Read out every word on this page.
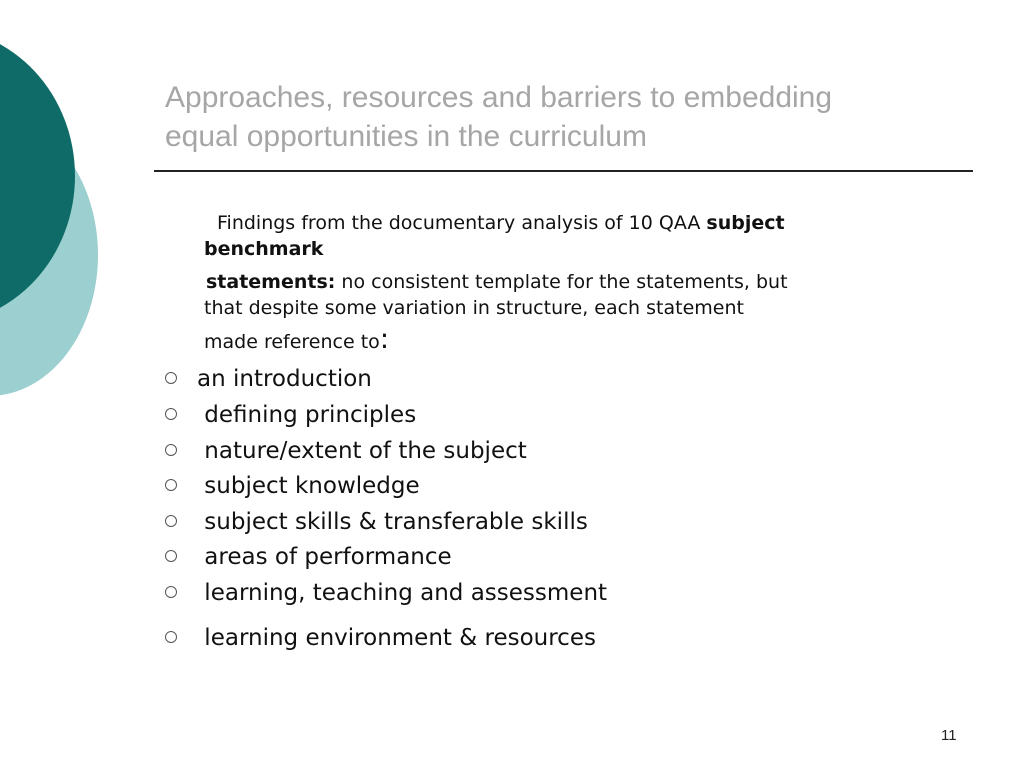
Approaches, resources and barriers to embedding
equal opportunities in the curriculum
Findings from the documentary analysis of 10 QAA subject
benchmark
statements: no consistent template for the statements, but
that despite some variation in structure, each statement
made reference to:
an introduction
defining principles
nature/extent of the subject
subject knowledge
subject skills & transferable skills
areas of performance
learning, teaching and assessment
learning environment & resources
11
